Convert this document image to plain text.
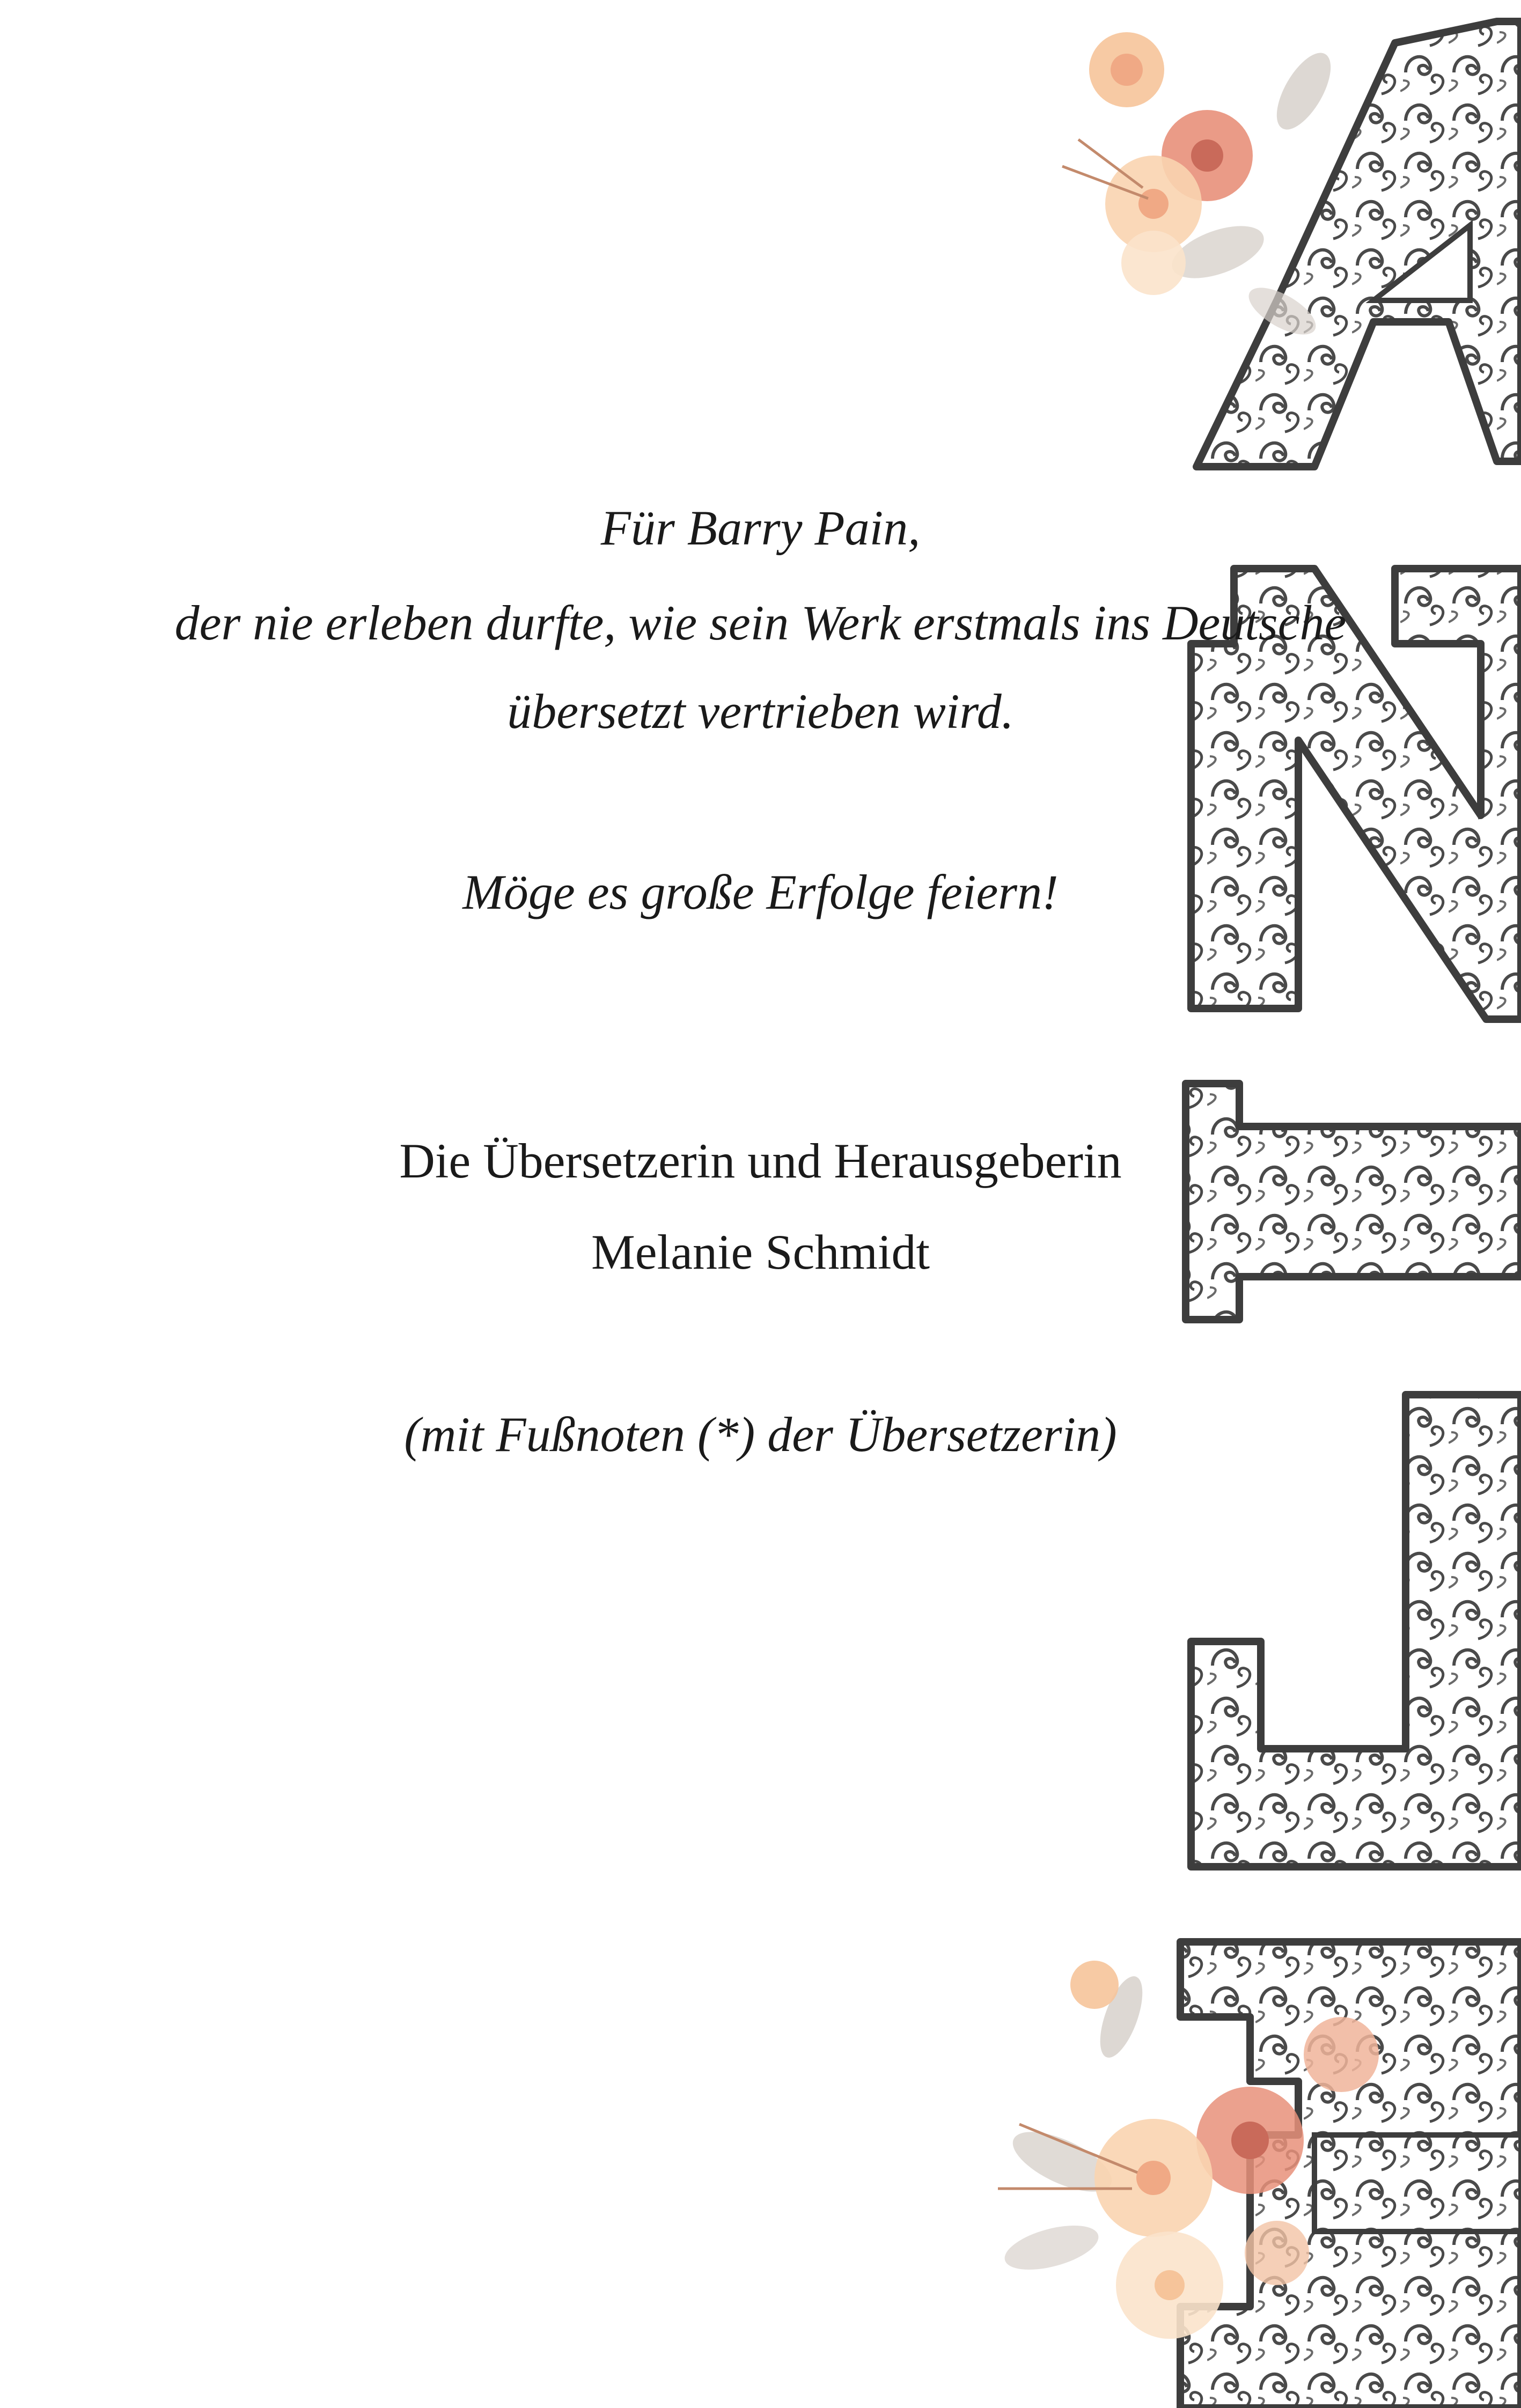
Für Barry Pain,
der nie erleben durfte, wie sein Werk erstmals ins Deutsche
übersetzt vertrieben wird.
Möge es große Erfolge feiern!
Die Übersetzerin und Herausgeberin
Melanie Schmidt
(mit Fußnoten (*) der Übersetzerin)
